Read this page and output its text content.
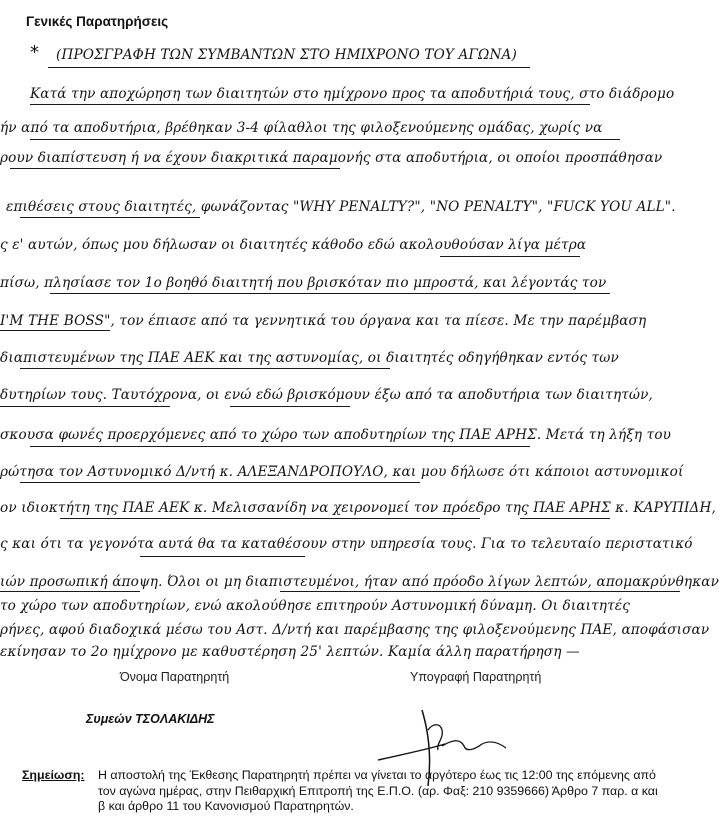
Γενικές Παρατηρήσεις
* (ΠΡΟΣΓΡΑΦΗ ΤΩΝ ΣΥΜΒΑΝΤΩΝ ΣΤΟ ΗΜΙΧΡΟΝΟ ΤΟΥ ΑΓΩΝΑ)
Κατά την αποχώρηση των διαιτητών στο ημίχρονο προς τα αποδυτήριά τους, στο διάδρομο
ήν από τα αποδυτήρια, βρέθηκαν 3-4 φίλαθλοι της φιλοξενούμενης ομάδας, χωρίς να
ρουν διαπίστευση ή να έχουν διακριτικά παραμονής στα αποδυτήρια, οι οποίοι προσπάθησαν
επιθέσεις στους διαιτητές, φωνάζοντας "WHY PENALTY?", "NO PENALTY", "FUCK YOU ALL".
ς ε' αυτών, όπως μου δήλωσαν οι διαιτητές κάθοδο εδώ ακολουθούσαν λίγα μέτρα
πίσω, πλησίασε τον 1ο βοηθό διαιτητή που βρισκόταν πιο μπροστά, και λέγοντάς τον
I'M THE BOSS", τον έπιασε από τα γεννητικά του όργανα και τα πίεσε. Με την παρέμβαση
διαπιστευμένων της ΠΑΕ ΑΕΚ και της αστυνομίας, οι διαιτητές οδηγήθηκαν εντός των
δυτηρίων τους. Ταυτόχρονα, οι ενώ εδώ βρισκόμουν έξω από τα αποδυτήρια των διαιτητών,
σκουσα φωνές προερχόμενες από το χώρο των αποδυτηρίων της ΠΑΕ ΑΡΗΣ. Μετά τη λήξη του
ρώτησα τον Αστυνομικό Δ/ντή κ. ΑΛΕΞΑΝΔΡΟΠΟΥΛΟ, και μου δήλωσε ότι κάποιοι αστυνομικοί
ον ιδιοκτήτη της ΠΑΕ ΑΕΚ κ. Μελισσανίδη να χειρονομεί τον πρόεδρο της ΠΑΕ ΑΡΗΣ κ. ΚΑΡΥΠΙΔΗ,
ς και ότι τα γεγονότα αυτά θα τα καταθέσουν στην υπηρεσία τους. Για το τελευταίο περιστατικό
ιών προσωπική άποψη. Όλοι οι μη διαπιστευμένοι, ήταν από πρόοδο λίγων λεπτών, απομακρύνθηκαν
το χώρο των αποδυτηρίων, ενώ ακολούθησε επιτηρούν Αστυνομική δύναμη. Οι διαιτητές
ρήνες, αφού διαδοχικά μέσω του Αστ. Δ/ντή και παρέμβασης της φιλοξενούμενης ΠΑΕ, αποφάσισαν
εκίνησαν το 2ο ημίχρονο με καθυστέρηση 25' λεπτών. Καμία άλλη παρατήρηση —
Όνομα Παρατηρητή	Υπογραφή Παρατηρητή
Συμεών ΤΣΟΛΑΚΙΔΗΣ
Σημείωση: Η αποστολή της Έκθεσης Παρατηρητή πρέπει να γίνεται το αργότερο έως τις 12:00 της επόμενης από τον αγώνα ημέρας, στην Πειθαρχική Επιτροπή της Ε.Π.Ο. (αρ. Φαξ: 210 9359666) Άρθρο 7 παρ. α και β και άρθρο 11 του Κανονισμού Παρατηρητών.
